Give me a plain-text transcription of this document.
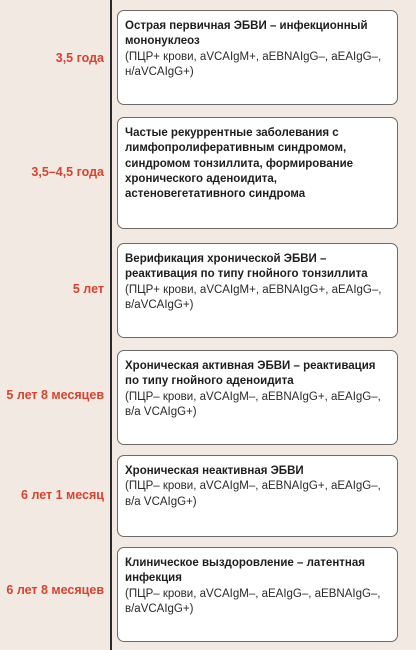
3,5 года
Острая первичная ЭБВИ – инфекционный мононуклеоз
(ПЦР+ крови, aVCAIgM+, aEBNAIgG–, aEAIgG–, н/aVCAIgG+)
3,5–4,5 года
Частые рекуррентные заболевания с лимфопролиферативным синдромом, синдромом тонзиллита, формирование хронического аденоидита, астеновегетативного синдрома
5 лет
Верификация хронической ЭБВИ – реактивация по типу гнойного тонзиллита
(ПЦР+ крови, aVCAIgM+, aEBNAIgG+, aEAIgG–, в/aVCAIgG+)
5 лет 8 месяцев
Хроническая активная ЭБВИ – реактивация по типу гнойного аденоидита
(ПЦР– крови, aVCAIgM–, aEBNAIgG+, aEAIgG–, в/а VCAIgG+)
6 лет 1 месяц
Хроническая неактивная ЭБВИ
(ПЦР– крови, aVCAIgM–, aEBNAIgG+, aEAIgG–, в/а VCAIgG+)
6 лет 8 месяцев
Клиническое выздоровление – латентная инфекция
(ПЦР– крови, aVCAIgM–, aEAIgG–, aEBNAIgG–, в/aVCAIgG+)
